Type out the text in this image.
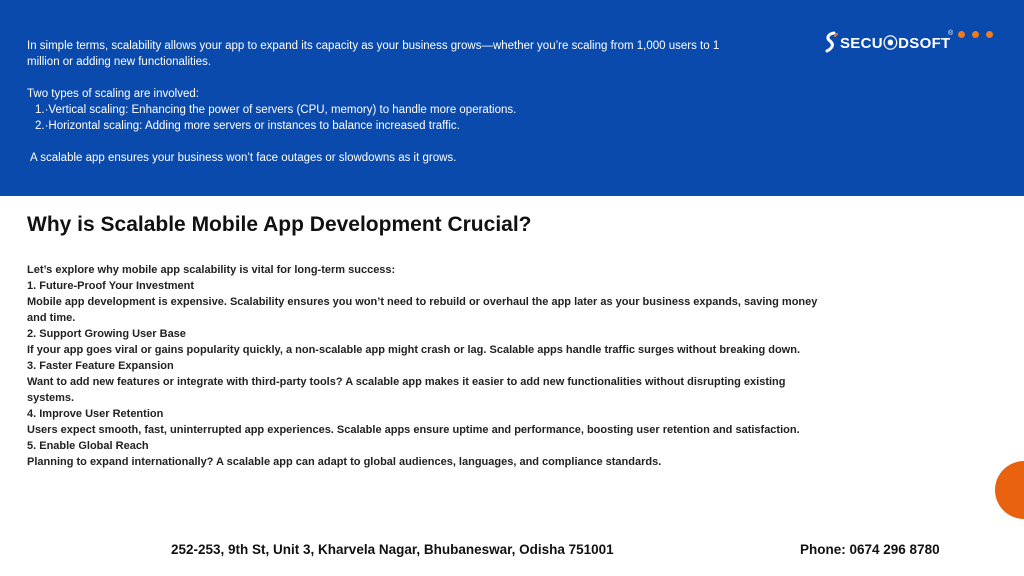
In simple terms, scalability allows your app to expand its capacity as your business grows—whether you’re scaling from 1,000 users to 1 million or adding new functionalities.
Two types of scaling are involved:
1.·Vertical scaling: Enhancing the power of servers (CPU, memory) to handle more operations.
2.·Horizontal scaling: Adding more servers or instances to balance increased traffic.
A scalable app ensures your business won’t face outages or slowdowns as it grows.
SECU⦿DSOFT
®
Why is Scalable Mobile App Development Crucial?
Let’s explore why mobile app scalability is vital for long-term success:
1. Future-Proof Your Investment
Mobile app development is expensive. Scalability ensures you won’t need to rebuild or overhaul the app later as your business expands, saving money and time.
2. Support Growing User Base
If your app goes viral or gains popularity quickly, a non-scalable app might crash or lag. Scalable apps handle traffic surges without breaking down.
3. Faster Feature Expansion
Want to add new features or integrate with third-party tools? A scalable app makes it easier to add new functionalities without disrupting existing systems.
4. Improve User Retention
Users expect smooth, fast, uninterrupted app experiences. Scalable apps ensure uptime and performance, boosting user retention and satisfaction.
5. Enable Global Reach
Planning to expand internationally? A scalable app can adapt to global audiences, languages, and compliance standards.
252-253, 9th St, Unit 3, Kharvela Nagar, Bhubaneswar, Odisha 751001	Phone: 0674 296 8780
